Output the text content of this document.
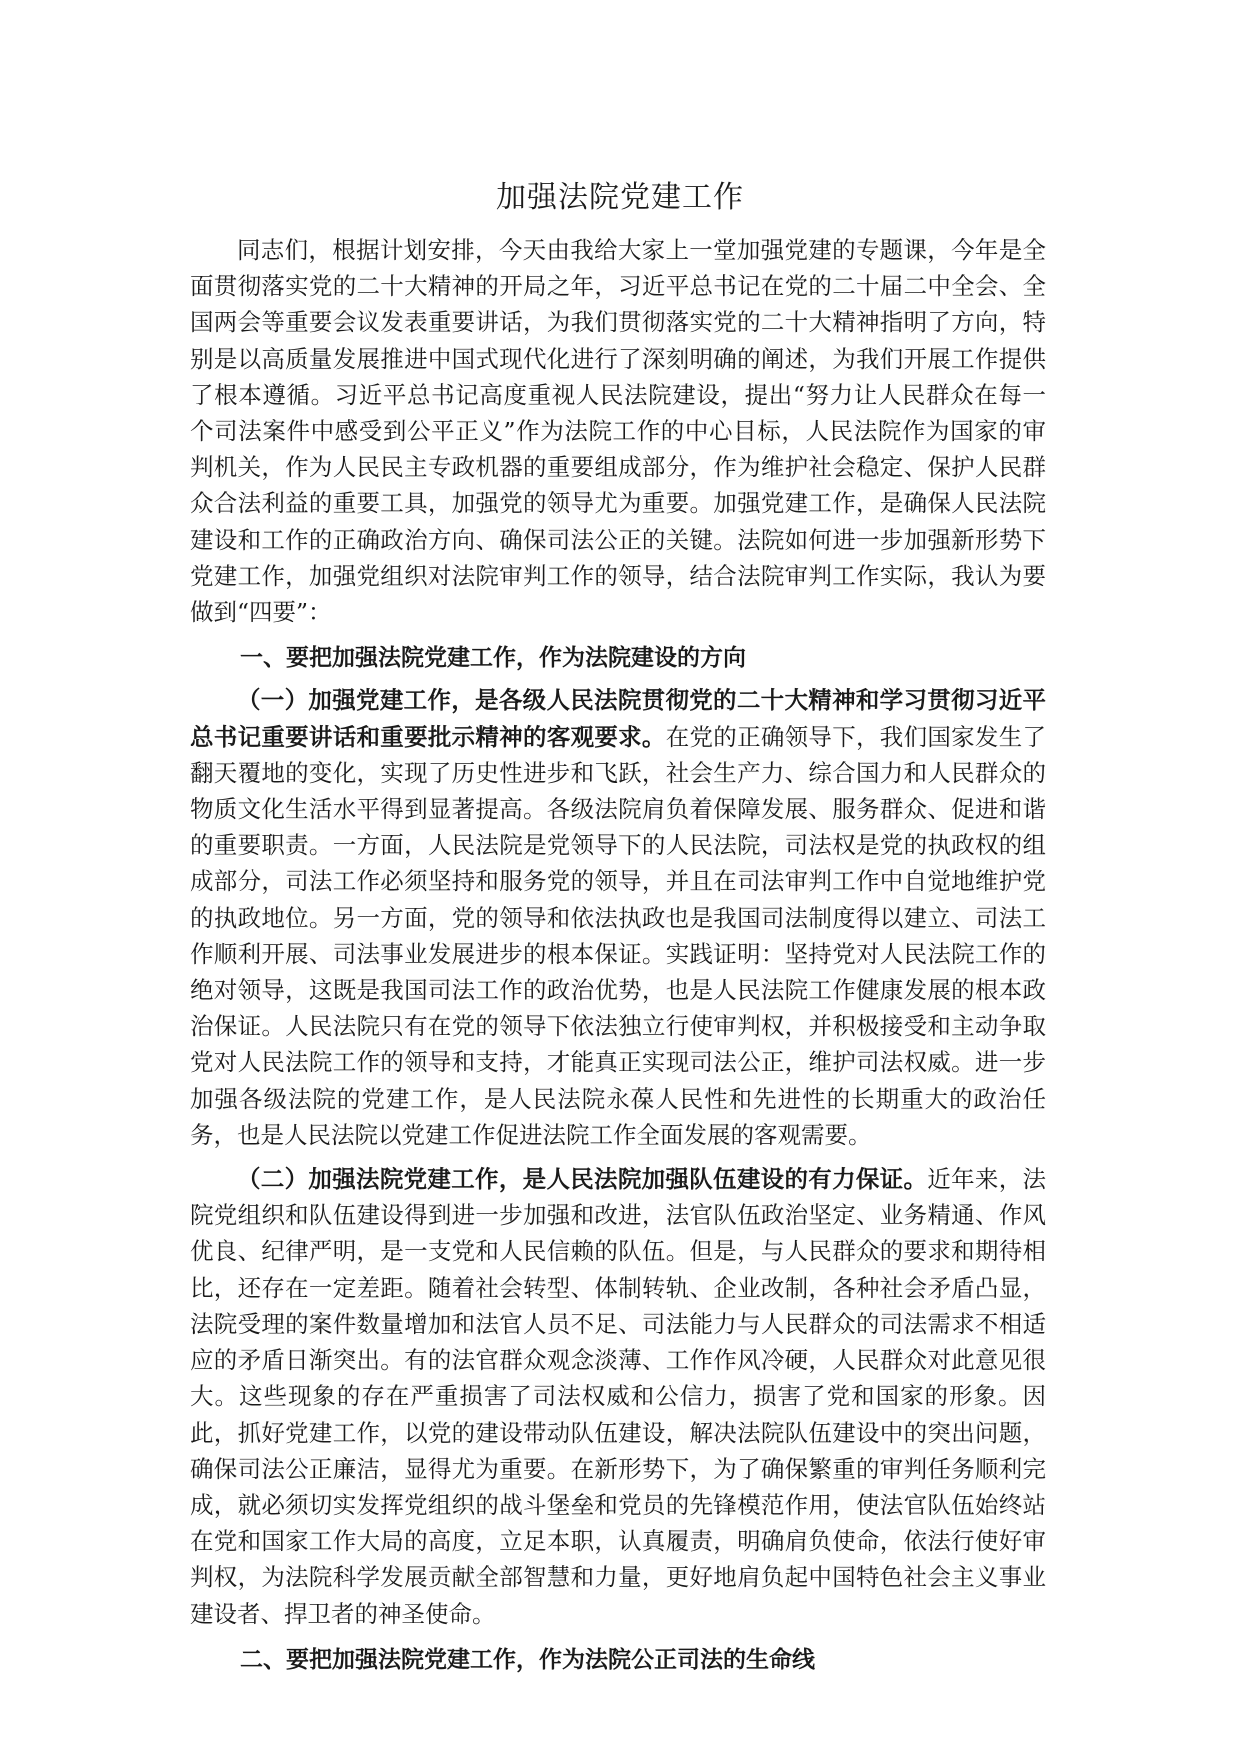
加强法院党建工作

同志们，根据计划安排，今天由我给大家上一堂加强党建的专题课，今年是全面贯彻落实党的二十大精神的开局之年，习近平总书记在党的二十届二中全会、全国两会等重要会议发表重要讲话，为我们贯彻落实党的二十大精神指明了方向，特别是以高质量发展推进中国式现代化进行了深刻明确的阐述，为我们开展工作提供了根本遵循。习近平总书记高度重视人民法院建设，提出“努力让人民群众在每一个司法案件中感受到公平正义”作为法院工作的中心目标，人民法院作为国家的审判机关，作为人民民主专政机器的重要组成部分，作为维护社会稳定、保护人民群众合法利益的重要工具，加强党的领导尤为重要。加强党建工作，是确保人民法院建设和工作的正确政治方向、确保司法公正的关键。法院如何进一步加强新形势下党建工作，加强党组织对法院审判工作的领导，结合法院审判工作实际，我认为要做到“四要”：

一、要把加强法院党建工作，作为法院建设的方向

（一）加强党建工作，是各级人民法院贯彻党的二十大精神和学习贯彻习近平总书记重要讲话和重要批示精神的客观要求。在党的正确领导下，我们国家发生了翻天覆地的变化，实现了历史性进步和飞跃，社会生产力、综合国力和人民群众的物质文化生活水平得到显著提高。各级法院肩负着保障发展、服务群众、促进和谐的重要职责。一方面，人民法院是党领导下的人民法院，司法权是党的执政权的组成部分，司法工作必须坚持和服务党的领导，并且在司法审判工作中自觉地维护党的执政地位。另一方面，党的领导和依法执政也是我国司法制度得以建立、司法工作顺利开展、司法事业发展进步的根本保证。实践证明：坚持党对人民法院工作的绝对领导，这既是我国司法工作的政治优势，也是人民法院工作健康发展的根本政治保证。人民法院只有在党的领导下依法独立行使审判权，并积极接受和主动争取党对人民法院工作的领导和支持，才能真正实现司法公正，维护司法权威。进一步加强各级法院的党建工作，是人民法院永葆人民性和先进性的长期重大的政治任务，也是人民法院以党建工作促进法院工作全面发展的客观需要。

（二）加强法院党建工作，是人民法院加强队伍建设的有力保证。近年来，法院党组织和队伍建设得到进一步加强和改进，法官队伍政治坚定、业务精通、作风优良、纪律严明，是一支党和人民信赖的队伍。但是，与人民群众的要求和期待相比，还存在一定差距。随着社会转型、体制转轨、企业改制，各种社会矛盾凸显，法院受理的案件数量增加和法官人员不足、司法能力与人民群众的司法需求不相适应的矛盾日渐突出。有的法官群众观念淡薄、工作作风冷硬，人民群众对此意见很大。这些现象的存在严重损害了司法权威和公信力，损害了党和国家的形象。因此，抓好党建工作，以党的建设带动队伍建设，解决法院队伍建设中的突出问题，确保司法公正廉洁，显得尤为重要。在新形势下，为了确保繁重的审判任务顺利完成，就必须切实发挥党组织的战斗堡垒和党员的先锋模范作用，使法官队伍始终站在党和国家工作大局的高度，立足本职，认真履责，明确肩负使命，依法行使好审判权，为法院科学发展贡献全部智慧和力量，更好地肩负起中国特色社会主义事业建设者、捍卫者的神圣使命。

二、要把加强法院党建工作，作为法院公正司法的生命线
